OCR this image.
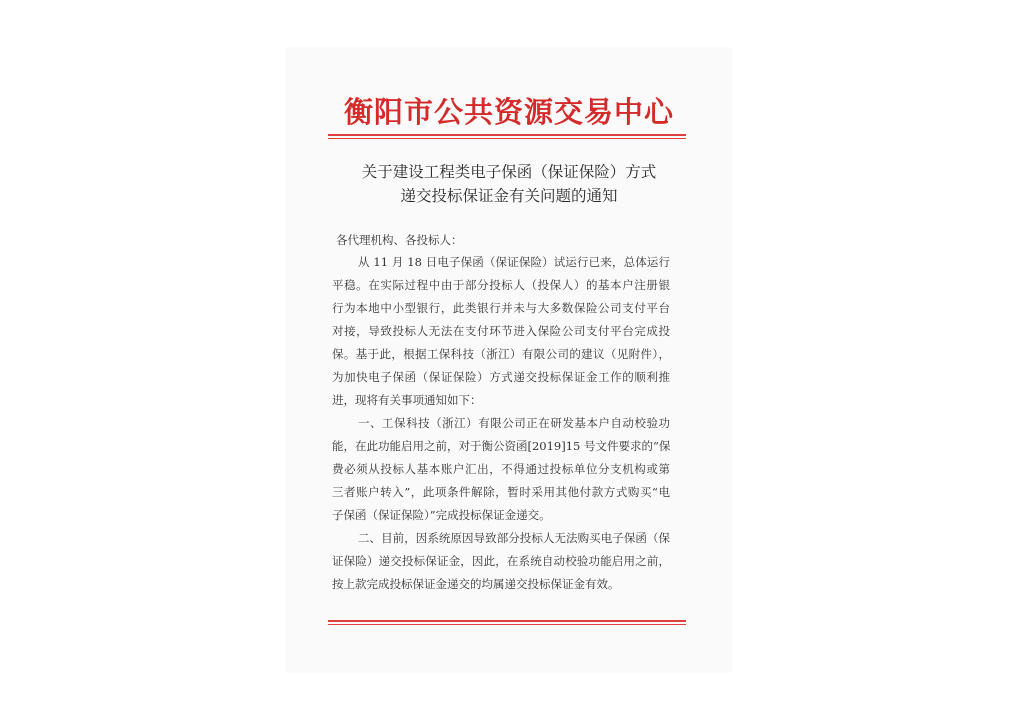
衡阳市公共资源交易中心
关于建设工程类电子保函（保证保险）方式
递交投标保证金有关问题的通知
各代理机构、各投标人：
从 11 月 18 日电子保函（保证保险）试运行已来，总体运行
平稳。在实际过程中由于部分投标人（投保人）的基本户注册银
行为本地中小型银行，此类银行并未与大多数保险公司支付平台
对接，导致投标人无法在支付环节进入保险公司支付平台完成投
保。基于此，根据工保科技（浙江）有限公司的建议（见附件），
为加快电子保函（保证保险）方式递交投标保证金工作的顺利推
进，现将有关事项通知如下：
一、工保科技（浙江）有限公司正在研发基本户自动校验功
能，在此功能启用之前，对于衡公资函[2019]15 号文件要求的“保
费必须从投标人基本账户汇出，不得通过投标单位分支机构或第
三者账户转入”，此项条件解除，暂时采用其他付款方式购买“电
子保函（保证保险）”完成投标保证金递交。
二、目前，因系统原因导致部分投标人无法购买电子保函（保
证保险）递交投标保证金，因此，在系统自动校验功能启用之前，
按上款完成投标保证金递交的均属递交投标保证金有效。
